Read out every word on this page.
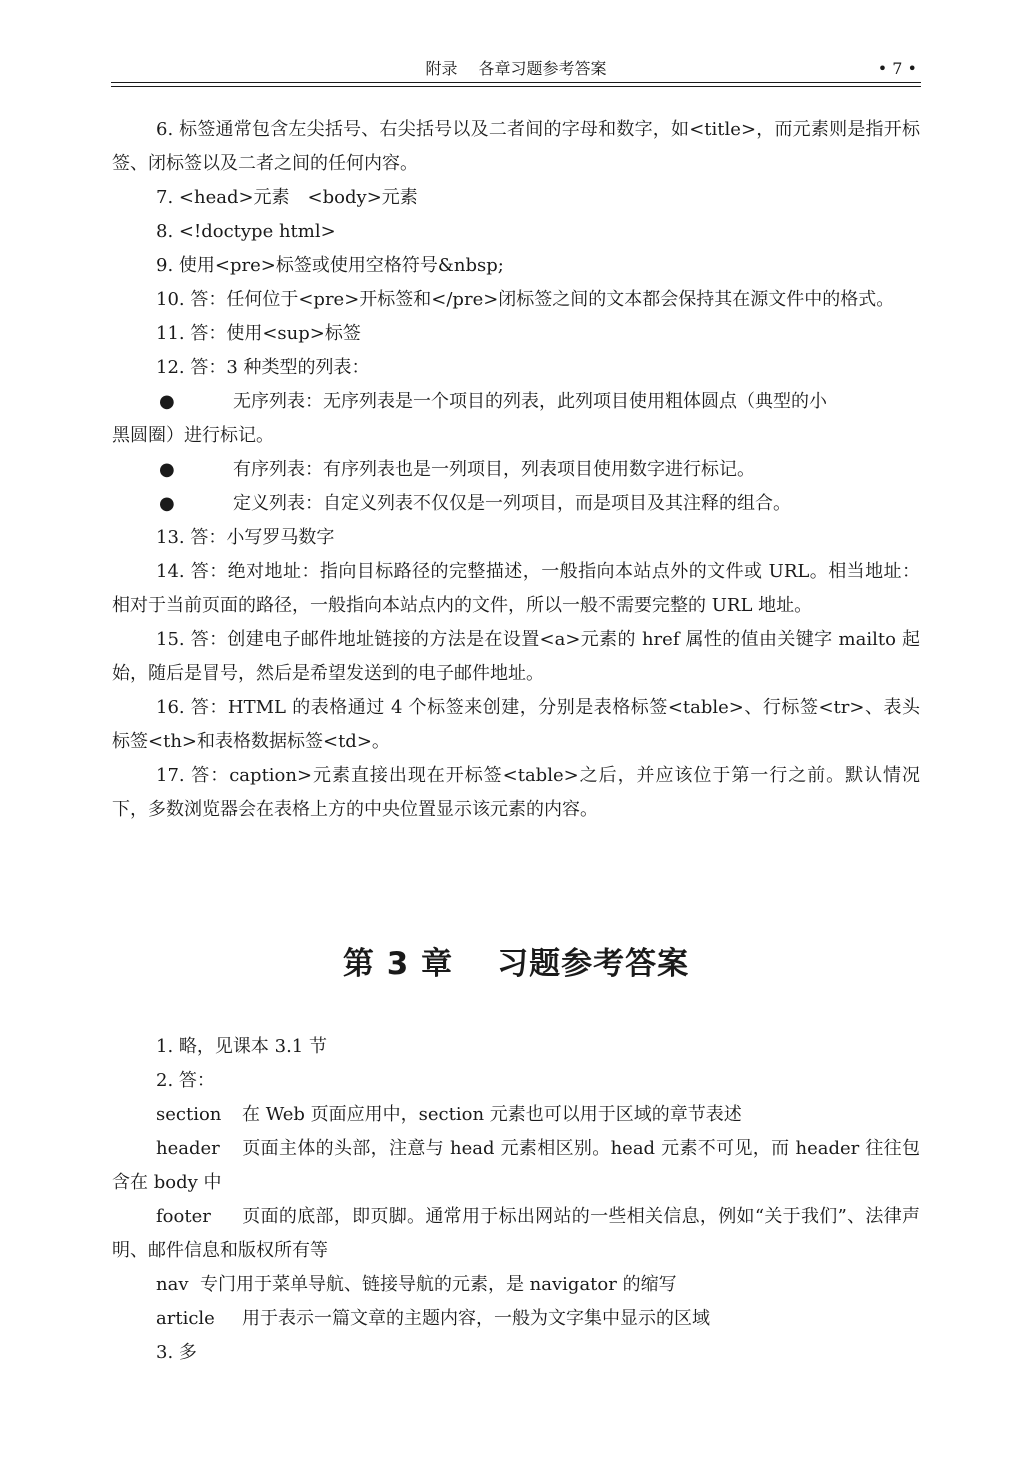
附录　 各章习题参考答案	• 7 •

6. 标签通常包含左尖括号、右尖括号以及二者间的字母和数字，如<title>，而元素则是指开标签、闭标签以及二者之间的任何内容。

7. <head>元素　<body>元素

8. <!doctype html>

9. 使用<pre>标签或使用空格符号&nbsp;

10. 答：任何位于<pre>开标签和</pre>闭标签之间的文本都会保持其在源文件中的格式。

11. 答：使用<sup>标签

12. 答：3 种类型的列表：

●	无序列表：无序列表是一个项目的列表，此列项目使用粗体圆点（典型的小

黑圆圈）进行标记。

●	有序列表：有序列表也是一列项目，列表项目使用数字进行标记。
●	定义列表：自定义列表不仅仅是一列项目，而是项目及其注释的组合。

13. 答：小写罗马数字

14. 答：绝对地址：指向目标路径的完整描述，一般指向本站点外的文件或 URL。相当地址：相对于当前页面的路径，一般指向本站点内的文件，所以一般不需要完整的 URL 地址。

15. 答：创建电子邮件地址链接的方法是在设置<a>元素的 href 属性的值由关键字 mailto 起始，随后是冒号，然后是希望发送到的电子邮件地址。

16. 答：HTML 的表格通过 4 个标签来创建，分别是表格标签<table>、行标签<tr>、表头标签<th>和表格数据标签<td>。

17. 答：caption>元素直接出现在开标签<table>之后，并应该位于第一行之前。默认情况下，多数浏览器会在表格上方的中央位置显示该元素的内容。

第 3 章 习题参考答案

1. 略，见课本 3.1 节

2. 答：

section 在 Web 页面应用中，section 元素也可以用于区域的章节表述

header 页面主体的头部，注意与 head 元素相区别。head 元素不可见，而 header 往往包含在 body 中

footer 页面的底部，即页脚。通常用于标出网站的一些相关信息，例如“关于我们”、法律声明、邮件信息和版权所有等

nav 专门用于菜单导航、链接导航的元素，是 navigator 的缩写

article 用于表示一篇文章的主题内容，一般为文字集中显示的区域

3. 多
